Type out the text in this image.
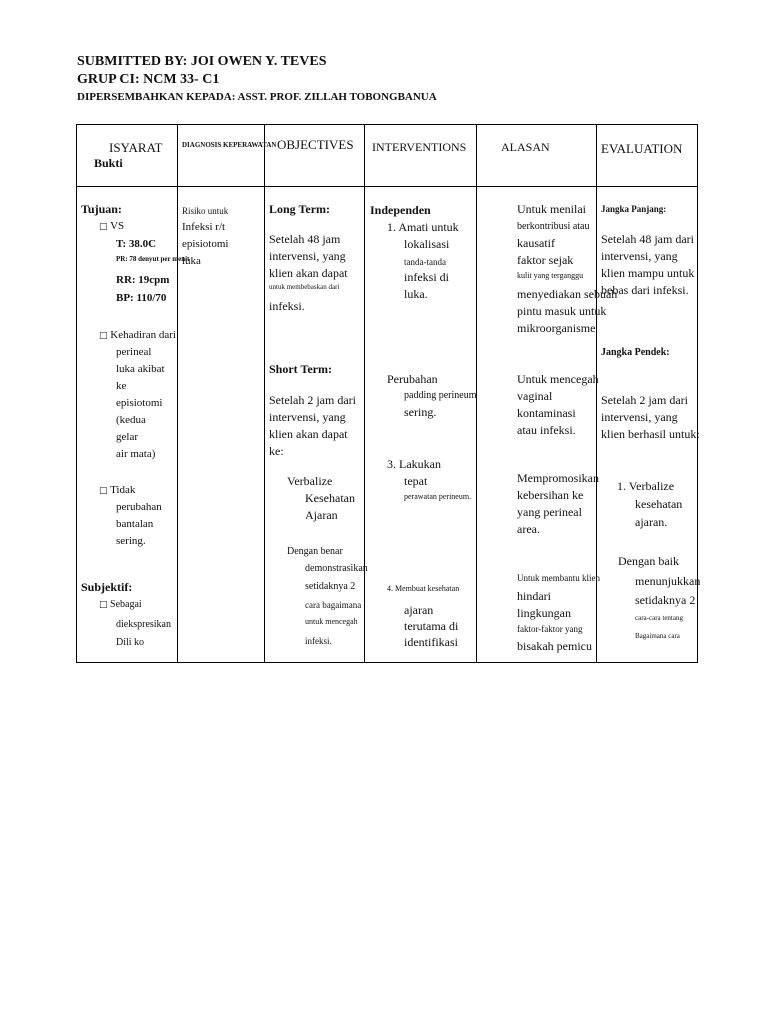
SUBMITTED BY: JOI OWEN Y. TEVES
GRUP CI: NCM 33- C1
DIPERSEMBAHKAN KEPADA: ASST. PROF. ZILLAH TOBONGBANUA
ISYARAT
Bukti
DIAGNOSIS KEPERAWATAN OBJECTIVES INTERVENTIONS	ALASAN	EVALUATION
Tujuan:
□ VS
T: 38.0C
PR: 78 denyut per menit
RR: 19cpm
BP: 110/70
□ Kehadiran dari
perineal
luka akibat
ke
episiotomi
(kedua
gelar
air mata)
□ Tidak
perubahan
bantalan
sering.
Subjektif:
□ Sebagai
diekspresikan
Dili ko
Risiko untuk
Infeksi r/t
episiotomi
luka
Long Term:
Setelah 48 jam
intervensi, yang
klien akan dapat
untuk membebaskan dari
infeksi.
Short Term:
Setelah 2 jam dari
intervensi, yang
klien akan dapat
ke:
Verbalize
Kesehatan
Ajaran
Dengan benar
demonstrasikan
setidaknya 2
cara bagaimana
untuk mencegah
infeksi.
Independen
1. Amati untuk
lokalisasi
tanda-tanda
infeksi di
luka.
Perubahan
padding perineum
sering.
3. Lakukan
tepat
perawatan perineum.
4. Membuat kesehatan
ajaran
terutama di
identifikasi
Untuk menilai
berkontribusi atau
kausatif
faktor sejak
kulit yang terganggu
menyediakan sebuah
pintu masuk untuk
mikroorganisme
Untuk mencegah
vaginal
kontaminasi
atau infeksi.
Mempromosikan
kebersihan ke
yang perineal
area.
Untuk membantu klien
hindari
lingkungan
faktor-faktor yang
bisakah pemicu
Jangka Panjang:
Setelah 48 jam dari
intervensi, yang
klien mampu untuk
bebas dari infeksi.
Jangka Pendek:
Setelah 2 jam dari
intervensi, yang
klien berhasil untuk:
1. Verbalize
kesehatan
ajaran.
Dengan baik
menunjukkan
setidaknya 2
cara-cara tentang
Bagaimana cara
